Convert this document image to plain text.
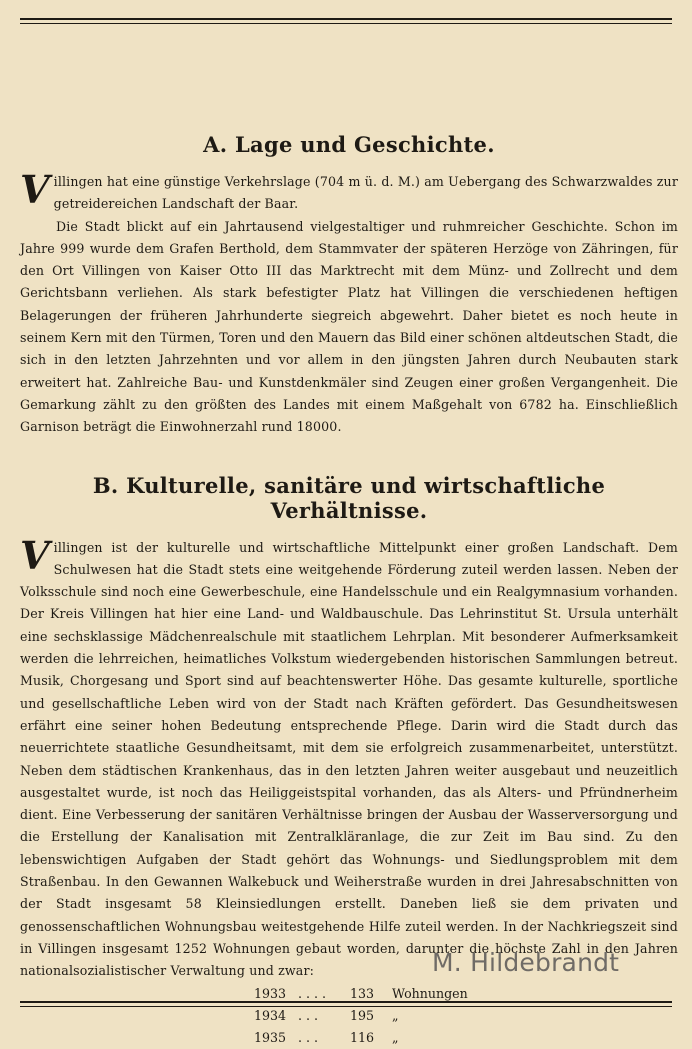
A. Lage und Geschichte.

Villingen hat eine günstige Verkehrslage (704 m ü. d. M.) am Uebergang des Schwarzwaldes zur getreidereichen Landschaft der Baar.

Die Stadt blickt auf ein Jahrtausend vielgestaltiger und ruhmreicher Geschichte. Schon im Jahre 999 wurde dem Grafen Berthold, dem Stammvater der späteren Herzöge von Zähringen, für den Ort Villingen von Kaiser Otto III das Marktrecht mit dem Münz- und Zollrecht und dem Gerichtsbann verliehen. Als stark befestigter Platz hat Villingen die verschiedenen heftigen Belagerungen der früheren Jahrhunderte siegreich abgewehrt. Daher bietet es noch heute in seinem Kern mit den Türmen, Toren und den Mauern das Bild einer schönen altdeutschen Stadt, die sich in den letzten Jahrzehnten und vor allem in den jüngsten Jahren durch Neubauten stark erweitert hat. Zahlreiche Bau- und Kunstdenkmäler sind Zeugen einer großen Vergangenheit. Die Gemarkung zählt zu den größten des Landes mit einem Maßgehalt von 6782 ha. Einschließlich Garnison beträgt die Einwohnerzahl rund 18000.

B. Kulturelle, sanitäre und wirtschaftliche Verhältnisse.

Villingen ist der kulturelle und wirtschaftliche Mittelpunkt einer großen Landschaft. Dem Schulwesen hat die Stadt stets eine weitgehende Förderung zuteil werden lassen. Neben der Volksschule sind noch eine Gewerbeschule, eine Handelsschule und ein Realgymnasium vorhanden. Der Kreis Villingen hat hier eine Land- und Waldbauschule. Das Lehrinstitut St. Ursula unterhält eine sechsklassige Mädchenrealschule mit staatlichem Lehrplan. Mit besonderer Aufmerksamkeit werden die lehrreichen, heimatliches Volkstum wiedergebenden historischen Sammlungen betreut. Musik, Chorgesang und Sport sind auf beachtenswerter Höhe. Das gesamte kulturelle, sportliche und gesellschaftliche Leben wird von der Stadt nach Kräften gefördert. Das Gesundheitswesen erfährt eine seiner hohen Bedeutung entsprechende Pflege. Darin wird die Stadt durch das neuerrichtete staatliche Gesundheitsamt, mit dem sie erfolgreich zusammenarbeitet, unterstützt. Neben dem städtischen Krankenhaus, das in den letzten Jahren weiter ausgebaut und neuzeitlich ausgestaltet wurde, ist noch das Heiliggeistspital vorhanden, das als Alters- und Pfründnerheim dient. Eine Verbesserung der sanitären Verhältnisse bringen der Ausbau der Wasserversorgung und die Erstellung der Kanalisation mit Zentralkläranlage, die zur Zeit im Bau sind. Zu den lebenswichtigen Aufgaben der Stadt gehört das Wohnungs- und Siedlungsproblem mit dem Straßenbau. In den Gewannen Walkebuck und Weiherstraße wurden in drei Jahresabschnitten von der Stadt insgesamt 58 Kleinsiedlungen erstellt. Daneben ließ sie dem privaten und genossenschaftlichen Wohnungsbau weitestgehende Hilfe zuteil werden. In der Nachkriegszeit sind in Villingen insgesamt 1252 Wohnungen gebaut worden, darunter die höchste Zahl in den Jahren nationalsozialistischer Verwaltung und zwar:

1933 . . . .	133	Wohnungen
1934 . . .	195	„
1935 . . .	116	„
M. Hildebrandt
